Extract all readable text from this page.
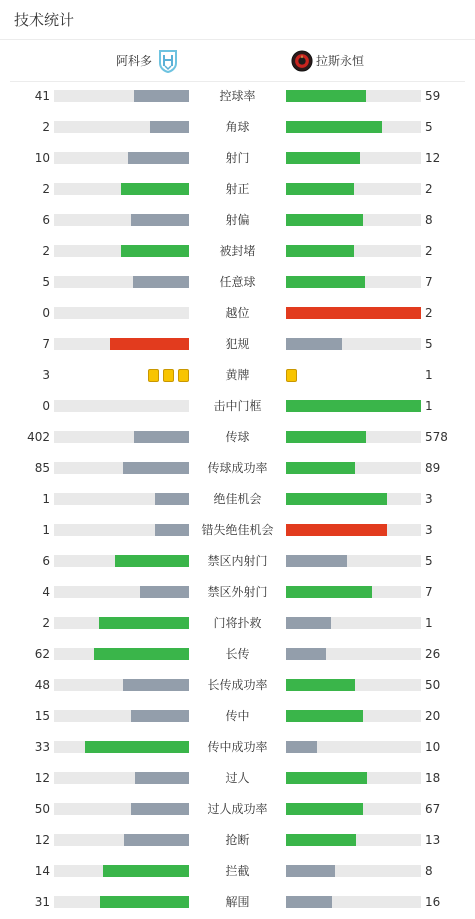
技术统计
阿科多	拉斯永恒
41	控球率	59
2	角球	5
10	射门	12
2	射正	2
6	射偏	8
2	被封堵	2
5	任意球	7
0	越位	2
7	犯规	5
3	黄牌	1
0	击中门框	1
402	传球	578
85	传球成功率	89
1	绝佳机会	3
1	错失绝佳机会	3
6	禁区内射门	5
4	禁区外射门	7
2	门将扑救	1
62	长传	26
48	长传成功率	50
15	传中	20
33	传中成功率	10
12	过人	18
50	过人成功率	67
12	抢断	13
14	拦截	8
31	解围	16
